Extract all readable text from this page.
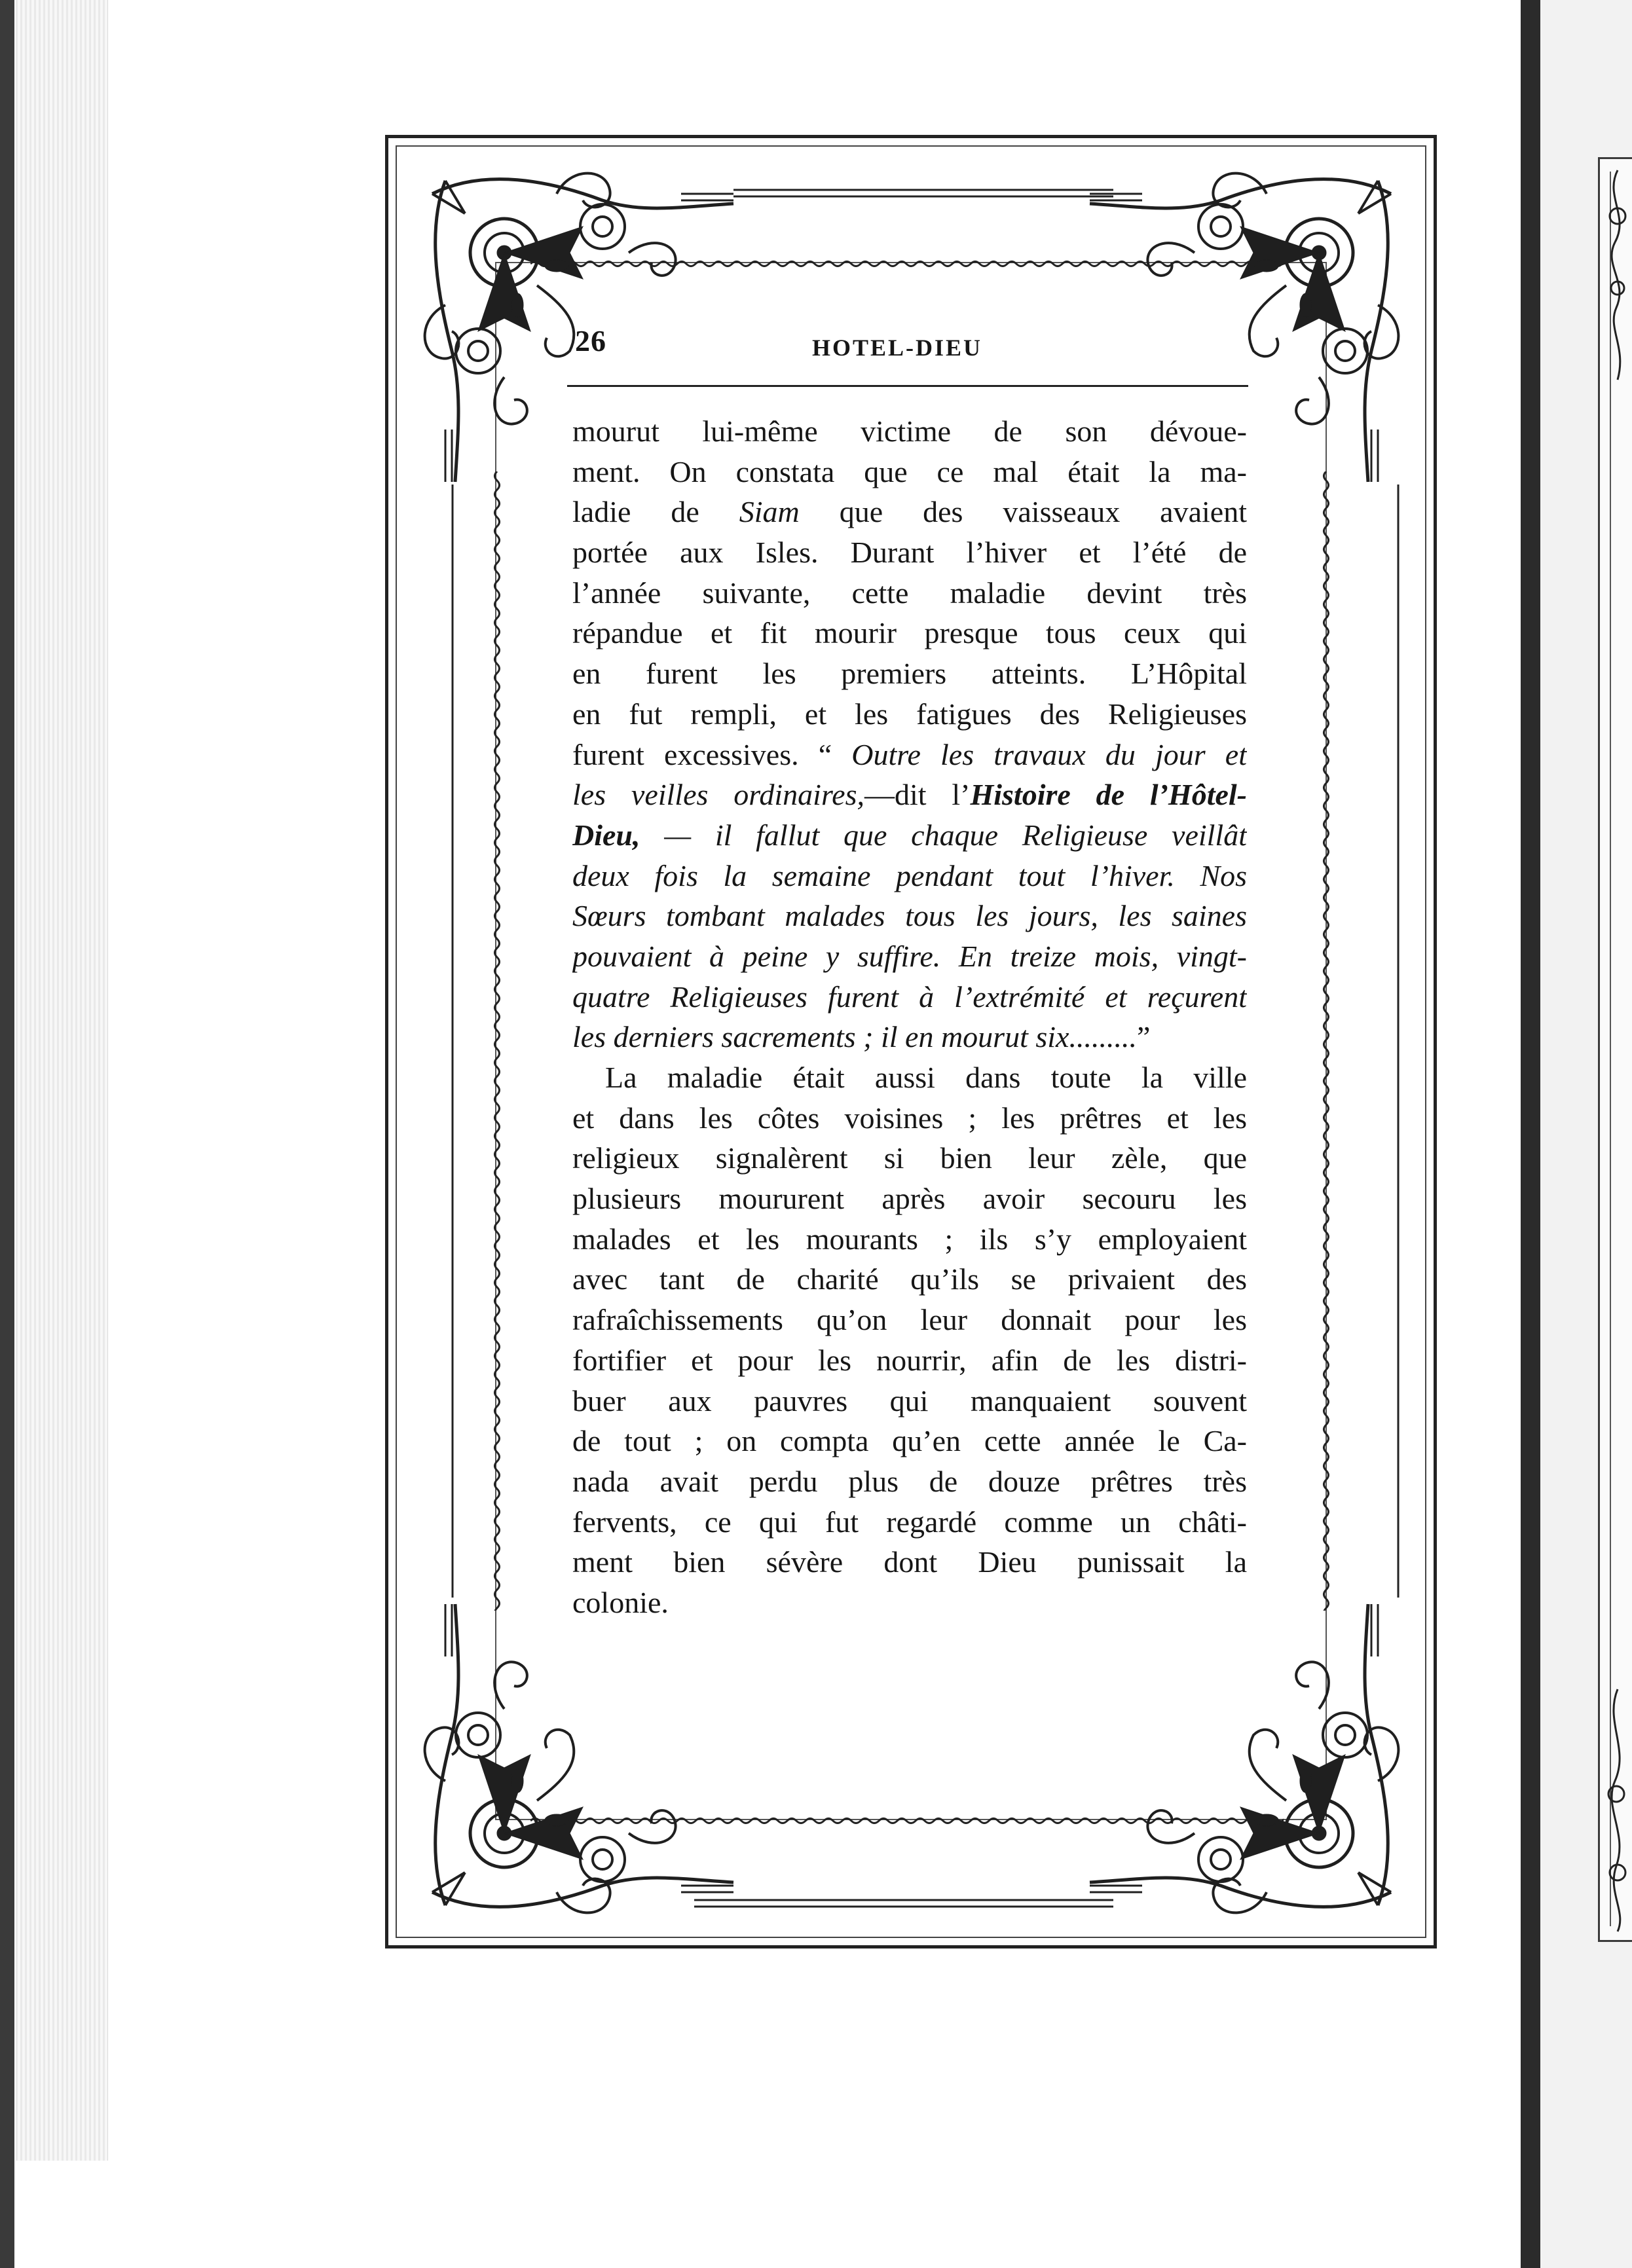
26	HOTEL-DIEU
mourut lui-même victime de son dévoue-
ment. On constata que ce mal était la ma-
ladie de Siam que des vaisseaux avaient
portée aux Isles. Durant l’hiver et l’été de
l’année suivante, cette maladie devint très
répandue et fit mourir presque tous ceux qui
en furent les premiers atteints. L’Hôpital
en fut rempli, et les fatigues des Religieuses
furent excessives. “ Outre les travaux du jour et
les veilles ordinaires,—dit l’Histoire de l’Hôtel-
Dieu, — il fallut que chaque Religieuse veillât
deux fois la semaine pendant tout l’hiver. Nos
Sœurs tombant malades tous les jours, les saines
pouvaient à peine y suffire. En treize mois, vingt-
quatre Religieuses furent à l’extrémité et reçurent
les derniers sacrements ; il en mourut six.........”
La maladie était aussi dans toute la ville
et dans les côtes voisines ; les prêtres et les
religieux signalèrent si bien leur zèle, que
plusieurs moururent après avoir secouru les
malades et les mourants ; ils s’y employaient
avec tant de charité qu’ils se privaient des
rafraîchissements qu’on leur donnait pour les
fortifier et pour les nourrir, afin de les distri-
buer aux pauvres qui manquaient souvent
de tout ; on compta qu’en cette année le Ca-
nada avait perdu plus de douze prêtres très
fervents, ce qui fut regardé comme un châti-
ment bien sévère dont Dieu punissait la
colonie.
